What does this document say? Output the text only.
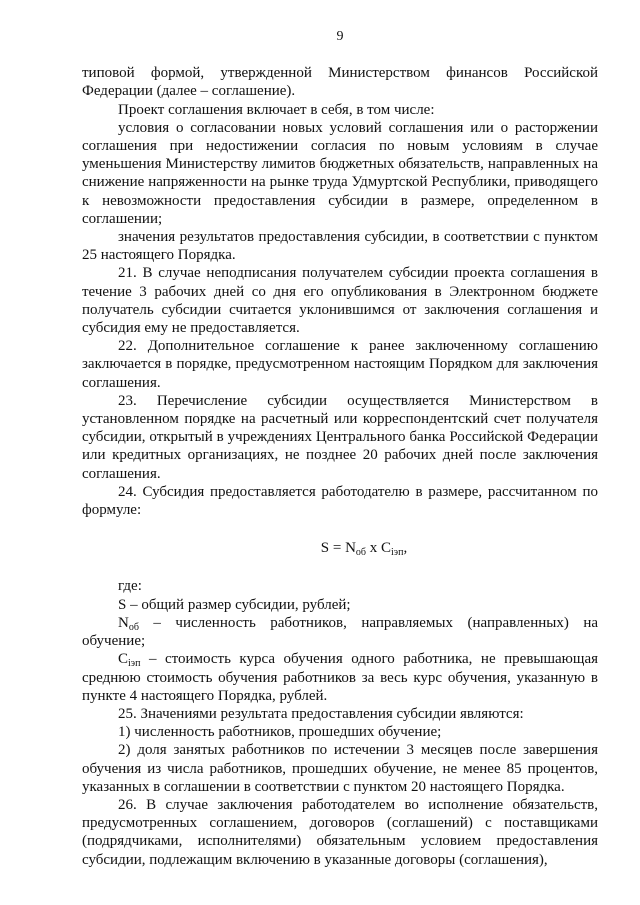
9

типовой формой, утвержденной Министерством финансов Российской Федерации (далее – соглашение).

Проект соглашения включает в себя, в том числе:

условия о согласовании новых условий соглашения или о расторжении соглашения при недостижении согласия по новым условиям в случае уменьшения Министерству лимитов бюджетных обязательств, направленных на снижение напряженности на рынке труда Удмуртской Республики, приводящего к невозможности предоставления субсидии в размере, определенном в соглашении;

значения результатов предоставления субсидии, в соответствии с пунктом 25 настоящего Порядка.

21. В случае неподписания получателем субсидии проекта соглашения в течение 3 рабочих дней со дня его опубликования в Электронном бюджете получатель субсидии считается уклонившимся от заключения соглашения и субсидия ему не предоставляется.

22. Дополнительное соглашение к ранее заключенному соглашению заключается в порядке, предусмотренном настоящим Порядком для заключения соглашения.

23. Перечисление субсидии осуществляется Министерством в установленном порядке на расчетный или корреспондентский счет получателя субсидии, открытый в учреждениях Центрального банка Российской Федерации или кредитных организациях, не позднее 20 рабочих дней после заключения соглашения.

24. Субсидия предоставляется работодателю в размере, рассчитанном по формуле:

$S = N_{об}$ x $C_{іэп}$,

где:

S – общий размер субсидии, рублей;

$N_{об}$ – численность работников, направляемых (направленных) на обучение;

$C_{іэп}$ – стоимость курса обучения одного работника, не превышающая среднюю стоимость обучения работников за весь курс обучения, указанную в пункте 4 настоящего Порядка, рублей.

25. Значениями результата предоставления субсидии являются:

1) численность работников, прошедших обучение;

2) доля занятых работников по истечении 3 месяцев после завершения обучения из числа работников, прошедших обучение, не менее 85 процентов, указанных в соглашении в соответствии с пунктом 20 настоящего Порядка.

26. В случае заключения работодателем во исполнение обязательств, предусмотренных соглашением, договоров (соглашений) с поставщиками (подрядчиками, исполнителями) обязательным условием предоставления субсидии, подлежащим включению в указанные договоры (соглашения),
